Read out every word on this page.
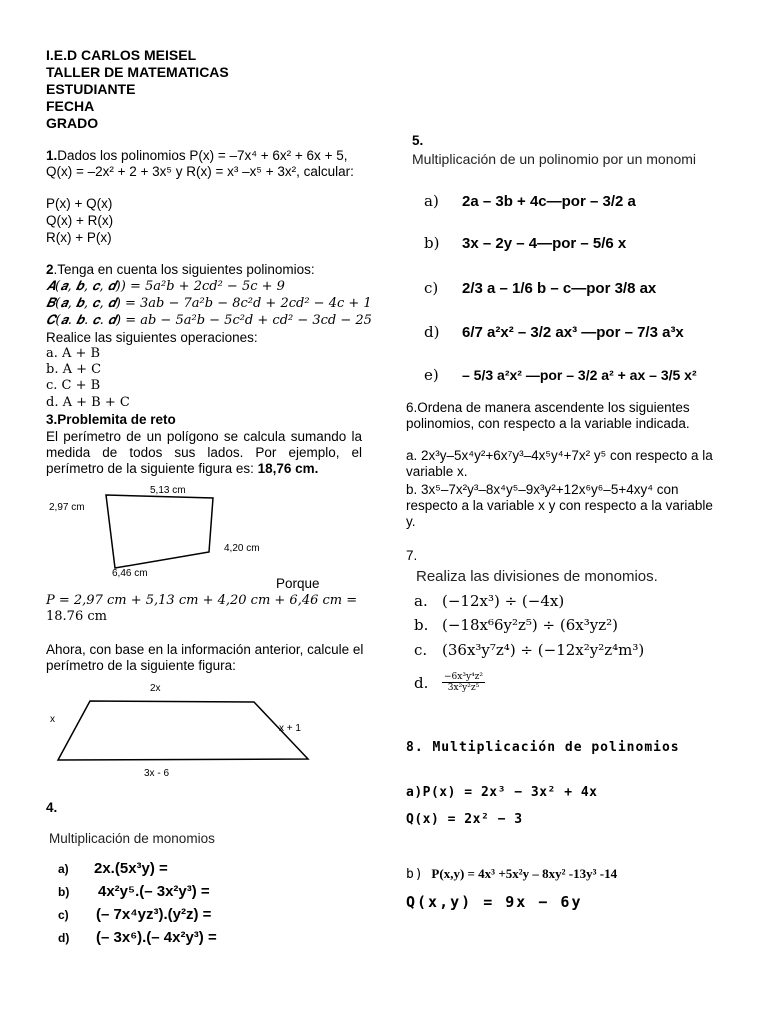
I.E.D CARLOS MEISEL
TALLER DE MATEMATICAS
ESTUDIANTE
FECHA
GRADO
1.Dados los polinomios P(x) = –7x⁴ + 6x² + 6x + 5,
Q(x) = –2x² + 2 + 3x⁵ y R(x) = x³ –x⁵ + 3x², calcular:
P(x) + Q(x)
Q(x) + R(x)
R(x) + P(x)
2.Tenga en cuenta los siguientes polinomios:
𝑨(𝒂, 𝒃, 𝒄, 𝒅)) = 5a²b + 2cd² − 5c + 9
𝑩(𝒂, 𝒃, 𝒄, 𝒅) = 3ab − 7a²b − 8c²d + 2cd² − 4c + 1
𝑪(𝒂. 𝒃. 𝒄. 𝒅) = ab − 5a²b − 5c²d + cd² − 3cd − 25
Realice las siguientes operaciones:
a. A + B
b. A + C
c. C + B
d. A + B + C
3.Problemita de reto
El perímetro de un polígono se calcula sumando la medida de todos sus lados. Por ejemplo, el perímetro de la siguiente figura es: 18,76 cm.
5,13 cm
2,97 cm
4,20 cm
6,46 cm
Porque
P = 2,97 cm + 5,13 cm + 4,20 cm + 6,46 cm =
18.76 cm
Ahora, con base en la información anterior, calcule el perímetro de la siguiente figura:
2x
x
x + 1
3x - 6
4.
Multiplicación de monomios
a) 2x.(5x³y) =
b) 4x²y⁵.(– 3x²y³) =
c) (– 7x⁴yz³).(y²z) =
d) (– 3x⁶).(– 4x²y³) =
5.
Multiplicación de un polinomio por un monomi
a) 2a – 3b + 4c—por – 3/2 a
b) 3x – 2y – 4—por – 5/6 x
c) 2/3 a – 1/6 b – c—por 3/8 ax
d) 6/7 a²x² – 3/2 ax³ —por – 7/3 a³x
e) – 5/3 a²x² —por – 3/2 a² + ax – 3/5 x²
6.Ordena de manera ascendente los siguientes polinomios, con respecto a la variable indicada.
a. 2x³y–5x⁴y²+6x⁷y³–4x⁵y⁴+7x² y⁵ con respecto a la variable x.
b. 3x⁵–7x²y³–8x⁴y⁵–9x³y²+12x⁶y⁶–5+4xy⁴ con respecto a la variable x y con respecto a la variable y.
7.
Realiza las divisiones de monomios.
a. (−12x³) ÷ (−4x)
b. (−18x⁶6y²z⁵) ÷ (6x³yz²)
c. (36x³y⁷z⁴) ÷ (−12x²y²z⁴m³)
d. $\frac{\text{−6x³y⁴z²}}{\text{3x²y²z⁵}}$
8. Multiplicación de polinomios
a)P(x) = 2x³ − 3x² + 4x
Q(x) = 2x² − 3
b) P(x,y) = 4x³ +5x²y – 8xy² -13y³ -14
Q(x,y) = 9x − 6y
